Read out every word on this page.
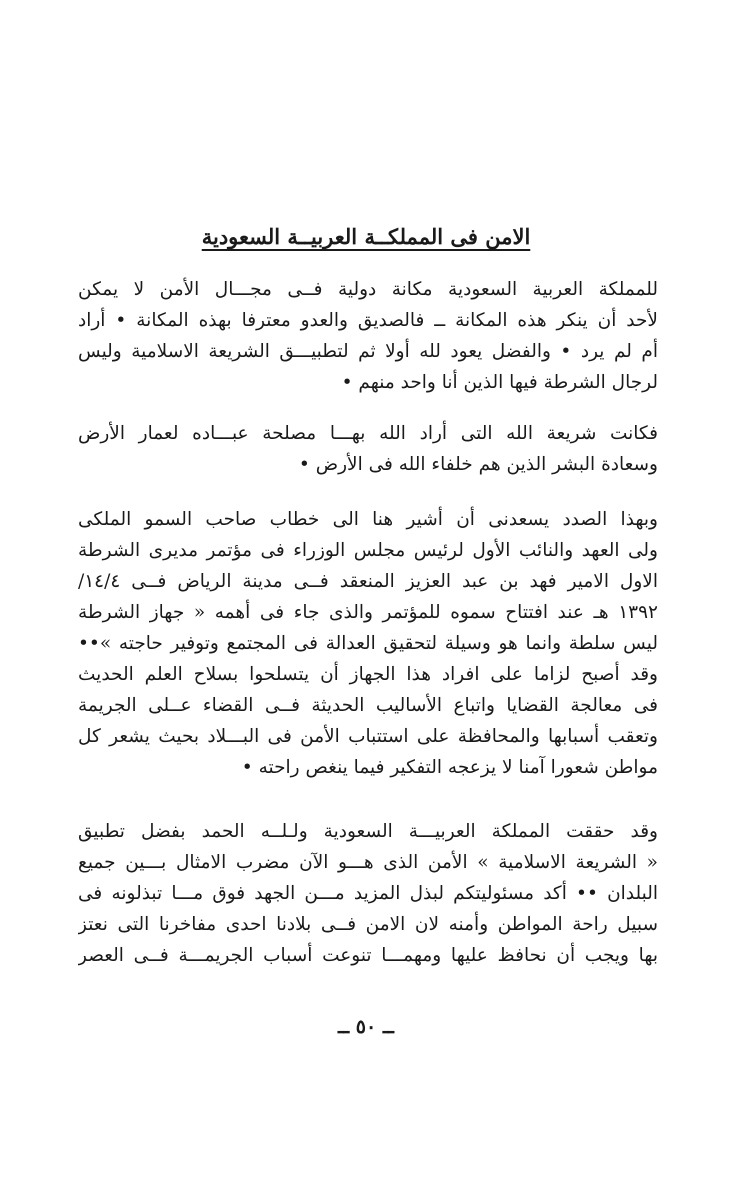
الامن فى المملكــة العربيــة السعودية
للمملكة العربية السعودية مكانة دولية فــى مجـــال الأمن لا يمكن
لأحد أن ينكر هذه المكانة ــ فالصديق والعدو معترفا بهذه المكانة • أراد
أم لم يرد • والفضل يعود لله أولا ثم لتطبيـــق الشريعة الاسلامية وليس
لرجال الشرطة فيها الذين أنا واحد منهم •
فكانت شريعة الله التى أراد الله بهـــا مصلحة عبـــاده لعمار الأرض
وسعادة البشر الذين هم خلفاء الله فى الأرض •
وبهذا الصدد يسعدنى أن أشير هنا الى خطاب صاحب السمو الملكى
ولى العهد والنائب الأول لرئيس مجلس الوزراء فى مؤتمر مديرى الشرطة
الاول الامير فهد بن عبد العزيز المنعقد فــى مدينة الرياض فــى ١٤/٤/
١٣٩٢ هـ عند افتتاح سموه للمؤتمر والذى جاء فى أهمه « جهاز الشرطة
ليس سلطة وانما هو وسيلة لتحقيق العدالة فى المجتمع وتوفير حاجته »••
وقد أصبح لزاما على افراد هذا الجهاز أن يتسلحوا بسلاح العلم الحديث
فى معالجة القضايا واتباع الأساليب الحديثة فــى القضاء عــلى الجريمة
وتعقب أسبابها والمحافظة على استتباب الأمن فى البـــلاد بحيث يشعر كل
مواطن شعورا آمنا لا يزعجه التفكير فيما ينغص راحته •
وقد حققت المملكة العربيـــة السعودية ولـلــه الحمد بفضل تطبيق
« الشريعة الاسلامية » الأمن الذى هـــو الآن مضرب الامثال بـــين جميع
البلدان •• أكد مسئوليتكم لبذل المزيد مـــن الجهد فوق مـــا تبذلونه فى
سبيل راحة المواطن وأمنه لان الامن فــى بلادنا احدى مفاخرنا التى نعتز
بها ويجب أن نحافظ عليها ومهمـــا تنوعت أسباب الجريمـــة فــى العصر
ــ ٥٠ ــ
